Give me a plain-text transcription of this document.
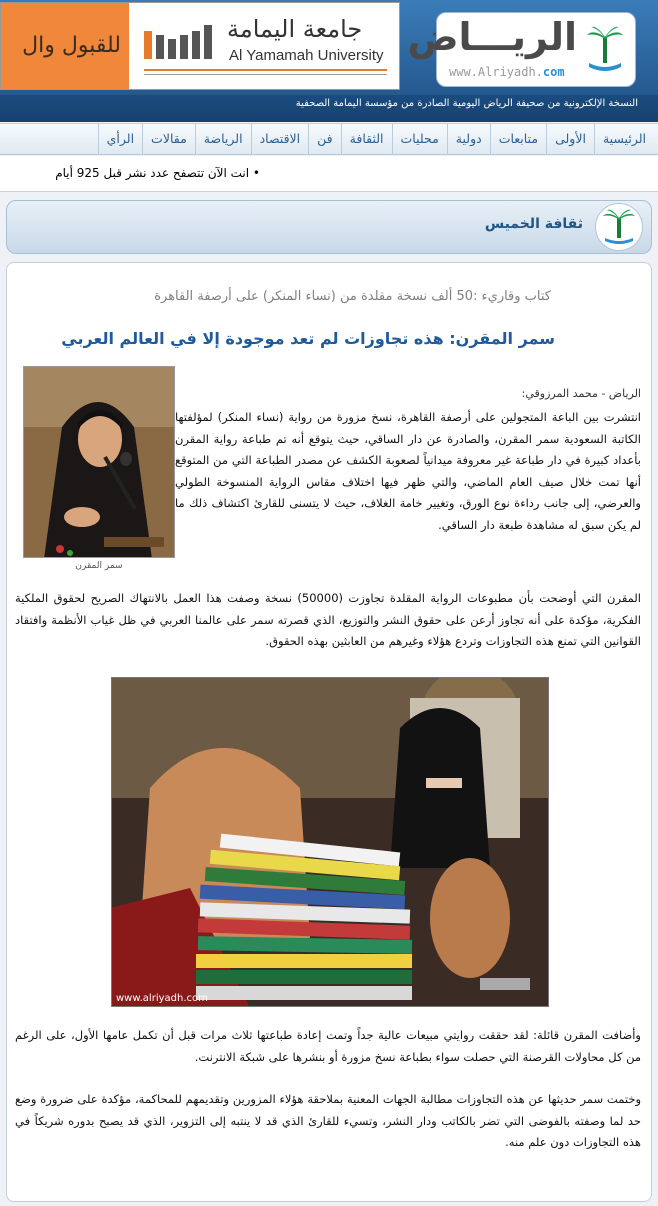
للقبول وال
جامعة اليمامة
Al Yamamah University الريـــاض
www.Alriyadh.com
النسخة الإلكترونية من صحيفة الرياض اليومية الصادرة من مؤسسة اليمامة الصحفية
الرئيسية
الأولى
متابعات
دولية
محليات
الثقافة
فن
الاقتصاد
الرياضة
مقالات
الرأي
• انت الآن تتصفح عدد نشر قبل 925 أيام
ثقافة الخميس
كتاب وقاريء :50 ألف نسخة مقلدة من (نساء المنكر) على أرصفة القاهرة
سمر المقرن: هذه تجاوزات لم تعد موجودة إلا في العالم العربي
سمر المقرن
الرياض - محمد المرزوقي:
انتشرت بين الباعة المتجولين على أرصفة القاهرة، نسخ مزورة من رواية (نساء المنكر) لمؤلفتها الكاتبة السعودية سمر المقرن، والصادرة عن دار الساقي، حيث يتوقع أنه تم طباعة رواية المقرن بأعداد كبيرة في دار طباعة غير معروفة ميدانياً لصعوبة الكشف عن مصدر الطباعة التي من المتوقع أنها تمت خلال صيف العام الماضي، والتي ظهر فيها اختلاف مقاس الرواية المنسوخة الطولي والعرضي، إلى جانب رداءة نوع الورق، وتغيير خامة الغلاف، حيث لا يتسنى للقارئ اكتشاف ذلك ما لم يكن سبق له مشاهدة طبعة دار الساقي.
المقرن التي أوضحت بأن مطبوعات الرواية المقلدة تجاوزت (50000) نسخة وصفت هذا العمل بالانتهاك الصريح لحقوق الملكية الفكرية، مؤكدة على أنه تجاوز أرعن على حقوق النشر والتوزيع، الذي قصرته سمر على عالمنا العربي في ظل غياب الأنظمة وافتقاد القوانين التي تمنع هذه التجاوزات وتردع هؤلاء وغيرهم من العابثين بهذه الحقوق.
www.alriyadh.com
وأضافت المقرن قائلة: لقد حققت روايتي مبيعات عالية جداً وتمت إعادة طباعتها ثلاث مرات قبل أن تكمل عامها الأول، على الرغم من كل محاولات القرصنة التي حصلت سواء بطباعة نسخ مزورة أو بنشرها على شبكة الانترنت.
وختمت سمر حديثها عن هذه التجاوزات مطالبة الجهات المعنية بملاحقة هؤلاء المزورين وتقديمهم للمحاكمة، مؤكدة على ضرورة وضع حد لما وصفته بالفوضى التي تضر بالكاتب ودار النشر، وتسيء للقارئ الذي قد لا ينتبه إلى التزوير، الذي قد يصبح بدوره شريكاً في هذه التجاوزات دون علم منه.
